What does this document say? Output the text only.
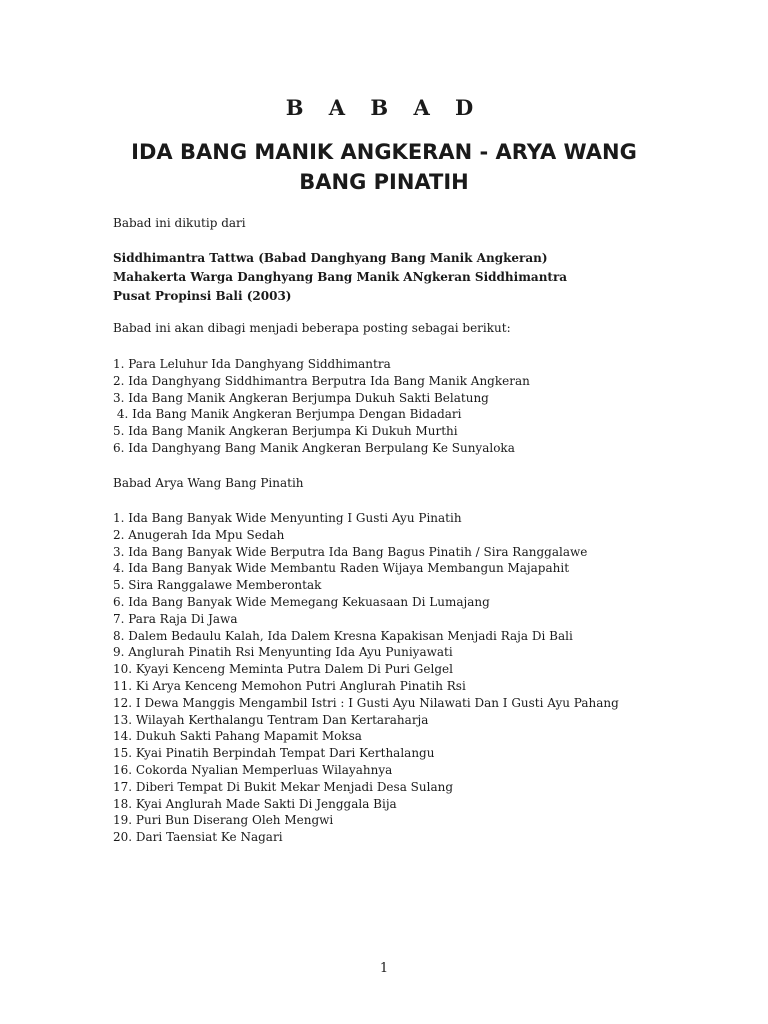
B A B A D
IDA BANG MANIK ANGKERAN - ARYA WANG BANG PINATIH
Babad ini dikutip dari
Siddhimantra Tattwa (Babad Danghyang Bang Manik Angkeran)
Mahakerta Warga Danghyang Bang Manik ANgkeran Siddhimantra
Pusat Propinsi Bali (2003)
Babad ini akan dibagi menjadi beberapa posting sebagai berikut:
1. Para Leluhur Ida Danghyang Siddhimantra
2. Ida Danghyang Siddhimantra Berputra Ida Bang Manik Angkeran
3. Ida Bang Manik Angkeran Berjumpa Dukuh Sakti Belatung
4. Ida Bang Manik Angkeran Berjumpa Dengan Bidadari
5. Ida Bang Manik Angkeran Berjumpa Ki Dukuh Murthi
6. Ida Danghyang Bang Manik Angkeran Berpulang Ke Sunyaloka
Babad Arya Wang Bang Pinatih
1. Ida Bang Banyak Wide Menyunting I Gusti Ayu Pinatih
2. Anugerah Ida Mpu Sedah
3. Ida Bang Banyak Wide Berputra Ida Bang Bagus Pinatih / Sira Ranggalawe
4. Ida Bang Banyak Wide Membantu Raden Wijaya Membangun Majapahit
5. Sira Ranggalawe Memberontak
6. Ida Bang Banyak Wide Memegang Kekuasaan Di Lumajang
7. Para Raja Di Jawa
8. Dalem Bedaulu Kalah, Ida Dalem Kresna Kapakisan Menjadi Raja Di Bali
9. Anglurah Pinatih Rsi Menyunting Ida Ayu Puniyawati
10. Kyayi Kenceng Meminta Putra Dalem Di Puri Gelgel
11. Ki Arya Kenceng Memohon Putri Anglurah Pinatih Rsi
12. I Dewa Manggis Mengambil Istri : I Gusti Ayu Nilawati Dan I Gusti Ayu Pahang
13. Wilayah Kerthalangu Tentram Dan Kertaraharja
14. Dukuh Sakti Pahang Mapamit Moksa
15. Kyai Pinatih Berpindah Tempat Dari Kerthalangu
16. Cokorda Nyalian Memperluas Wilayahnya
17. Diberi Tempat Di Bukit Mekar Menjadi Desa Sulang
18. Kyai Anglurah Made Sakti Di Jenggala Bija
19. Puri Bun Diserang Oleh Mengwi
20. Dari Taensiat Ke Nagari
1
